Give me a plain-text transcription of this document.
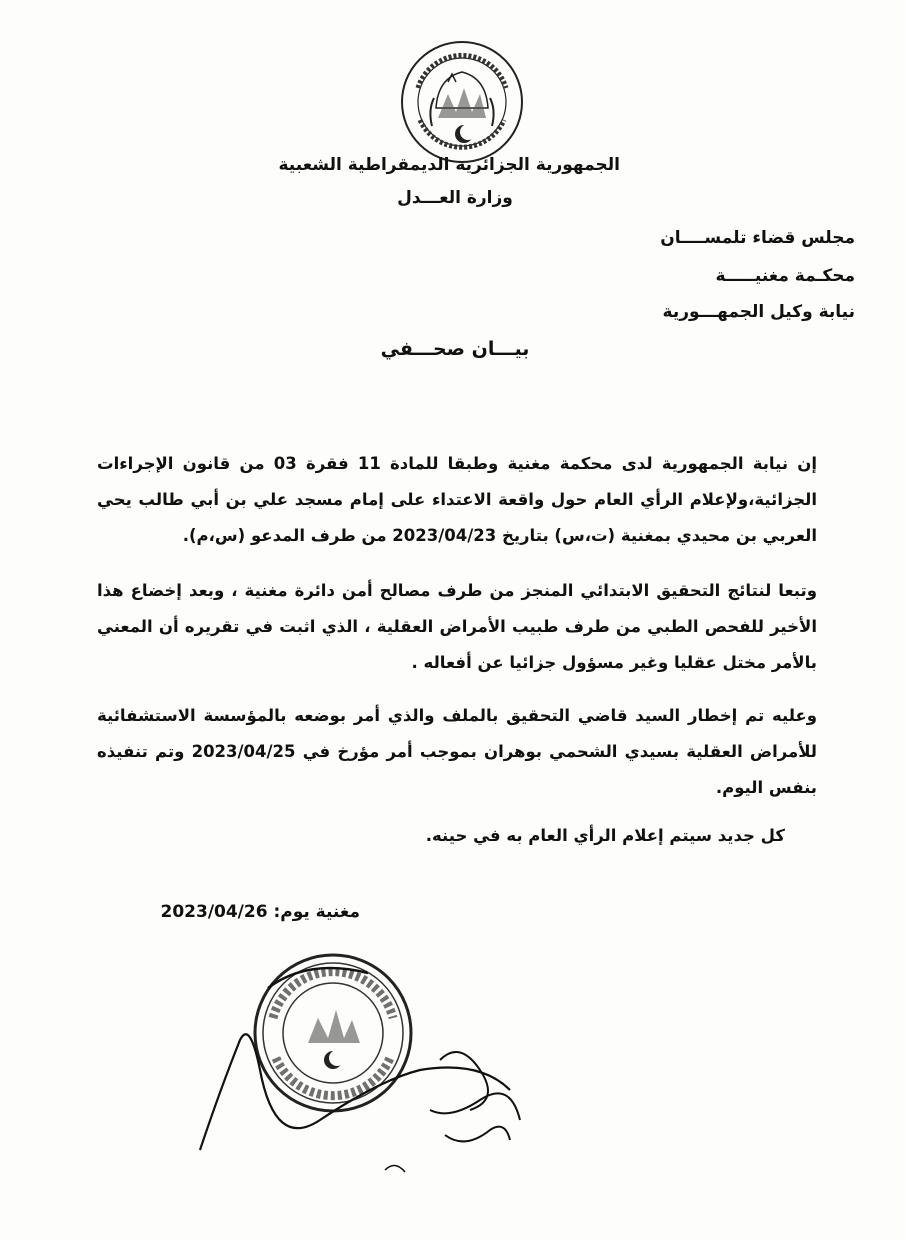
الجمهورية الجزائرية الديمقراطية الشعبية
وزارة العـــدل
مجلس قضاء تلمســــان
محكـمة مغنيـــــة
نيابة وكيل الجمهـــورية
بيـــان صحـــفي
إن نيابة الجمهورية لدى محكمة مغنية وطبقا للمادة 11 فقرة 03 من قانون الإجراءات الجزائية،ولإعلام الرأي العام حول واقعة الاعتداء على إمام مسجد علي بن أبي طالب يحي العربي بن محيدي بمغنية (ت،س) بتاريخ 2023/04/23 من طرف المدعو (س،م).
وتبعا لنتائج التحقيق الابتدائي المنجز من طرف مصالح أمن دائرة مغنية ، وبعد إخضاع هذا الأخير للفحص الطبي من طرف طبيب الأمراض العقلية ، الذي اثبت في تقريره أن المعني بالأمر مختل عقليا وغير مسؤول جزائيا عن أفعاله .
وعليه تم إخطار السيد قاضي التحقيق بالملف والذي أمر بوضعه بالمؤسسة الاستشفائية للأمراض العقلية بسيدي الشحمي بوهران بموجب أمر مؤرخ في 2023/04/25 وتم تنفيذه بنفس اليوم.
كل جديد سيتم إعلام الرأي العام به في حينه.
مغنية يوم: 2023/04/26
